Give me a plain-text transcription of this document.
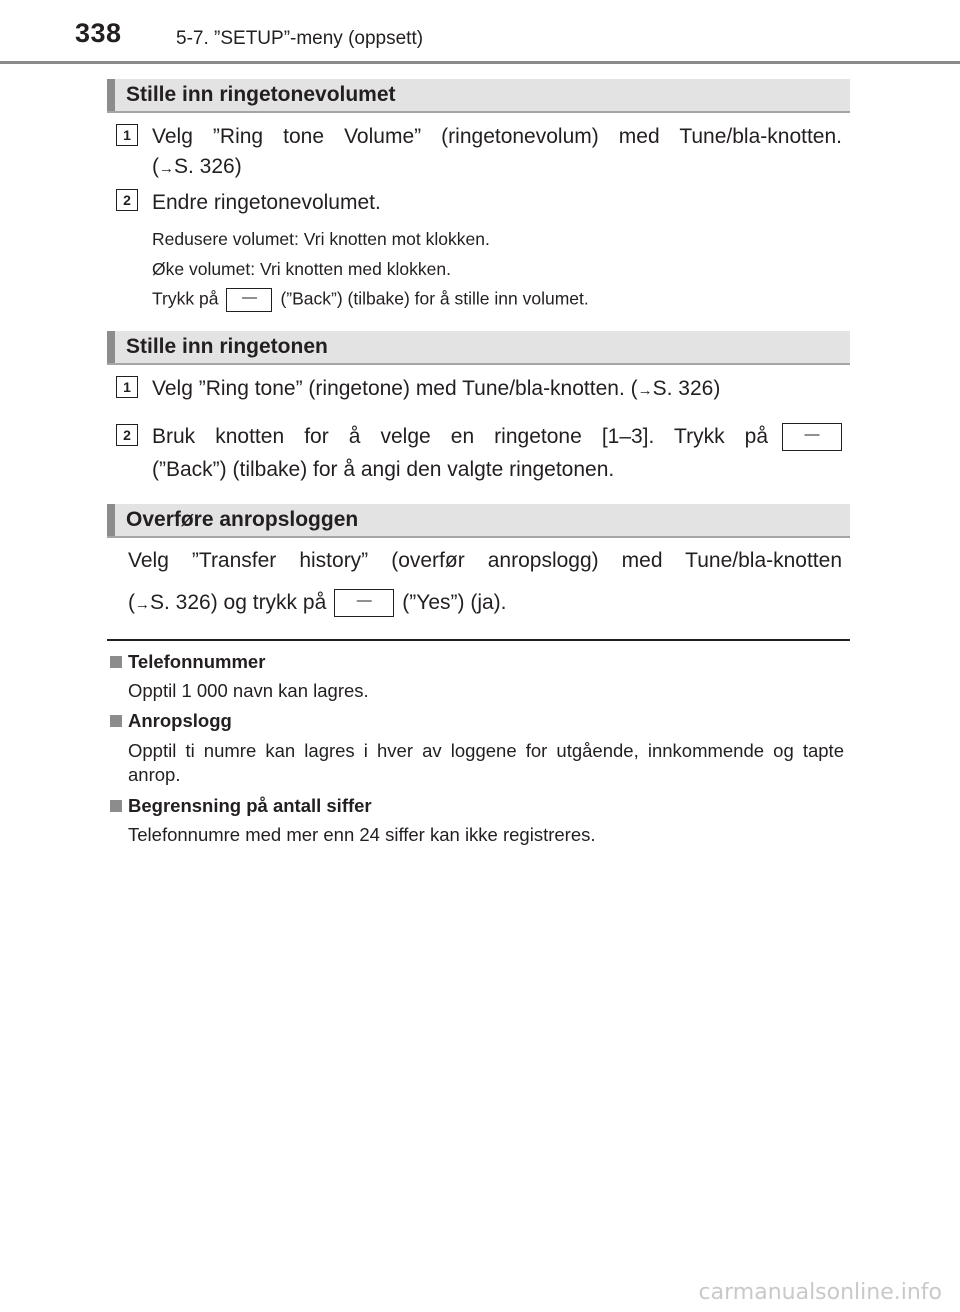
338	5-7. ”SETUP”-meny (oppsett)
Stille inn ringetonevolumet
1	Velg ”Ring tone Volume” (ringetonevolum) med Tune/bla-knotten.
(→S. 326)
2	Endre ringetonevolumet.
Redusere volumet: Vri knotten mot klokken.
Øke volumet: Vri knotten med klokken.
Trykk på — (”Back”) (tilbake) for å stille inn volumet.
Stille inn ringetonen
1	Velg ”Ring tone” (ringetone) med Tune/bla-knotten. (→S. 326)
2	Bruk knotten for å velge en ringetone [1–3]. Trykk på	—
(”Back”) (tilbake) for å angi den valgte ringetonen.
Overføre anropsloggen
Velg ”Transfer history” (overfør anropslogg) med Tune/bla-knotten
(→S. 326) og trykk på — (”Yes”) (ja).
Telefonnummer
Opptil 1 000 navn kan lagres.
Anropslogg
Opptil ti numre kan lagres i hver av loggene for utgående, innkommende og tapte anrop.
Begrensning på antall siffer
Telefonnumre med mer enn 24 siffer kan ikke registreres.
carmanualsonline.info
